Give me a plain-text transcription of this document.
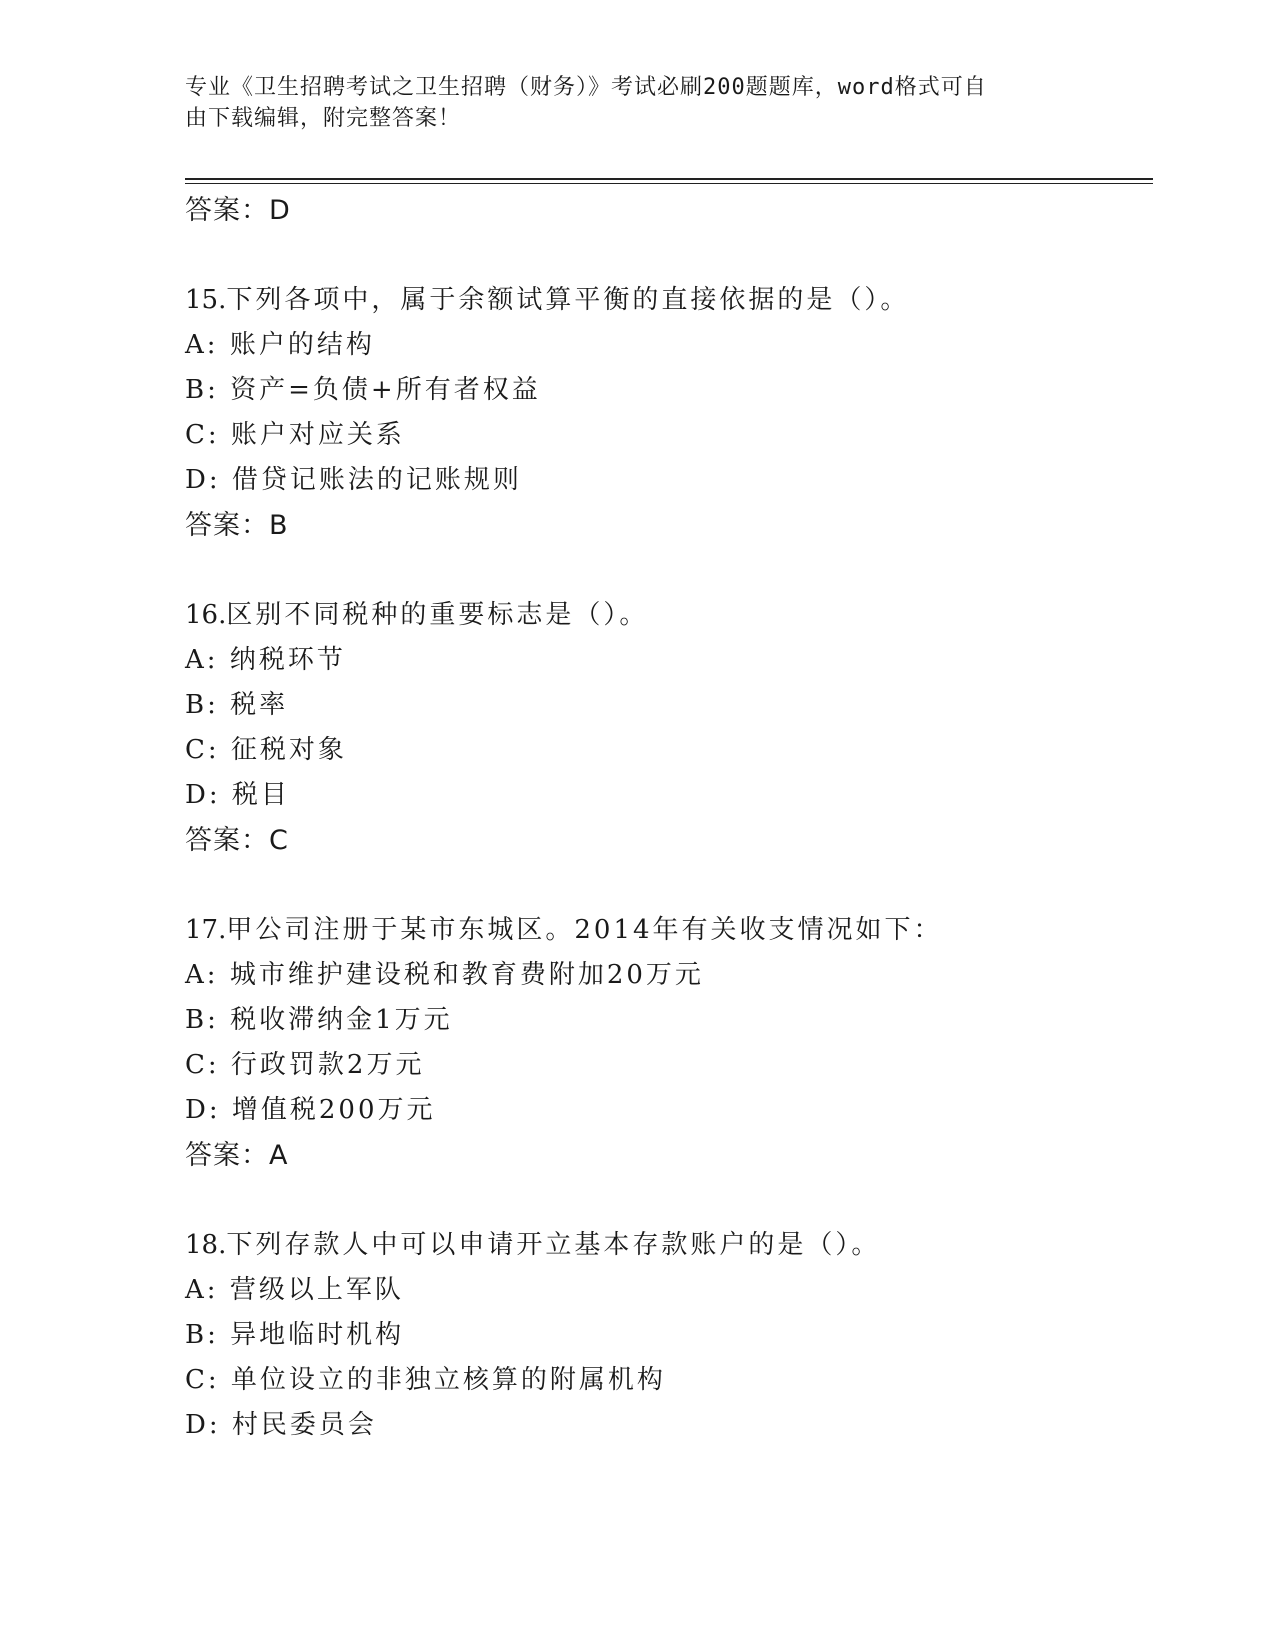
专业《卫生招聘考试之卫生招聘（财务）》考试必刷200题题库，word格式可自
由下载编辑，附完整答案！
答案：D
15.下列各项中，属于余额试算平衡的直接依据的是（）。
A: 账户的结构
B: 资产=负债+所有者权益
C: 账户对应关系
D: 借贷记账法的记账规则
答案：B
16.区别不同税种的重要标志是（）。
A: 纳税环节
B: 税率
C: 征税对象
D: 税目
答案：C
17.甲公司注册于某市东城区。2014年有关收支情况如下：
A: 城市维护建设税和教育费附加20万元
B: 税收滞纳金1万元
C: 行政罚款2万元
D: 增值税200万元
答案：A
18.下列存款人中可以申请开立基本存款账户的是（）。
A: 营级以上军队
B: 异地临时机构
C: 单位设立的非独立核算的附属机构
D: 村民委员会
